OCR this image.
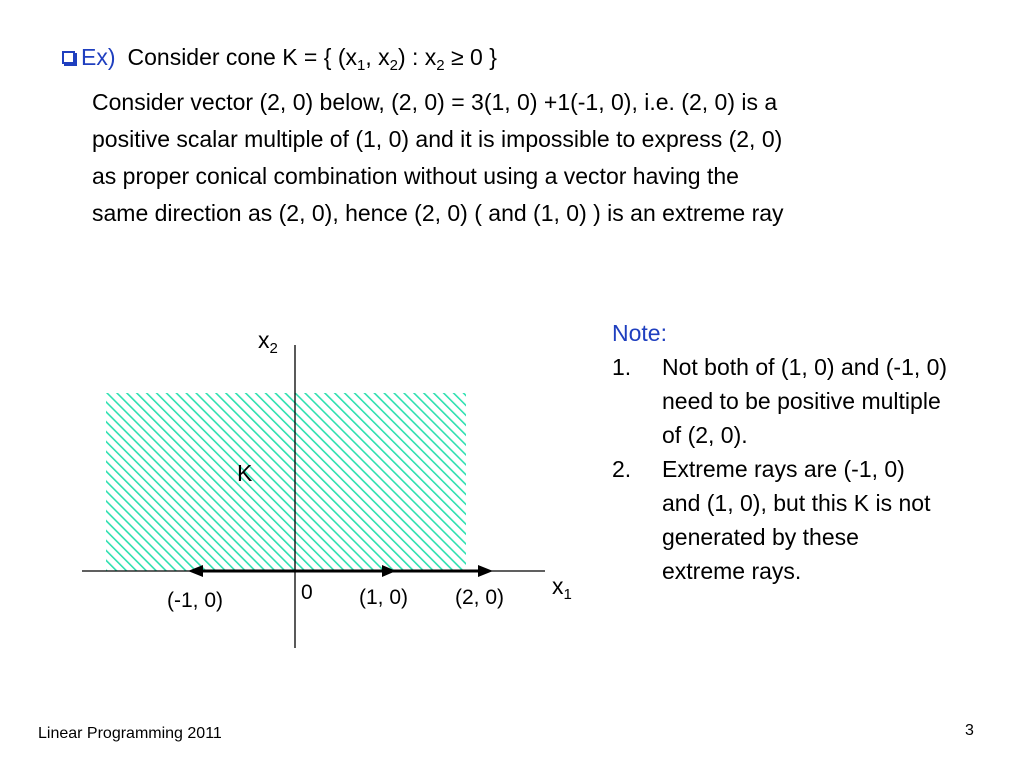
Ex) Consider cone K = { ($x_1$, $x_2$) : $x_2 \ge 0$ }
Consider vector (2, 0) below, (2, 0) = 3(1, 0) +1(-1, 0), i.e. (2, 0) is a
positive scalar multiple of (1, 0) and it is impossible to express (2, 0)
as proper conical combination without using a vector having the
same direction as (2, 0), hence (2, 0) ( and (1, 0) ) is an extreme ray
$x_2$
$x_1$
K
0
(-1, 0)	(1, 0) (2, 0)
Note:
1. Not both of (1, 0) and (-1, 0)
need to be positive multiple
of (2, 0).
2. Extreme rays are (-1, 0)
and (1, 0), but this K is not
generated by these
extreme rays.
Linear Programming 2011	3
